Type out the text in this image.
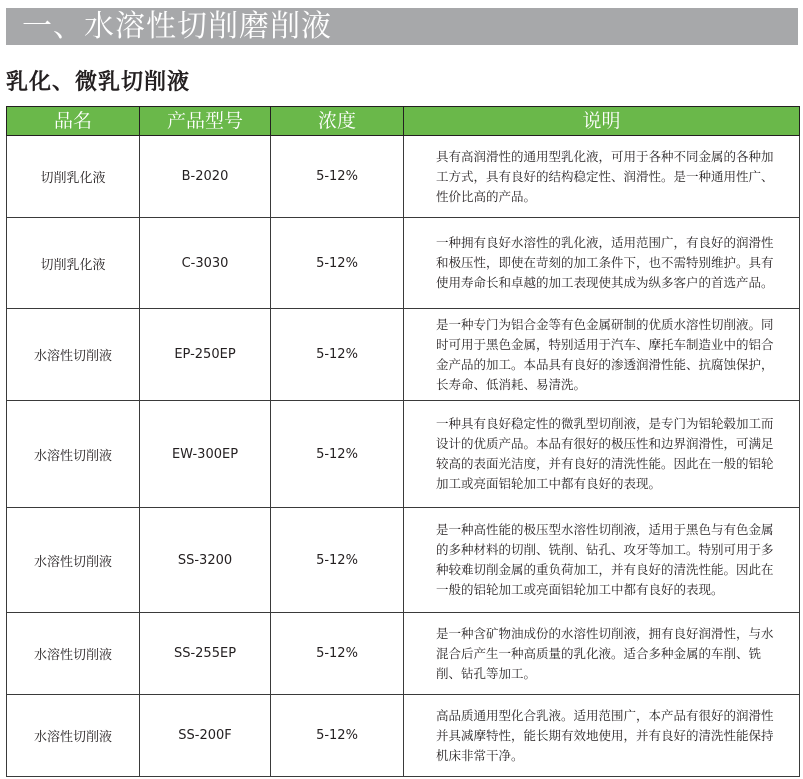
一、水溶性切削磨削液
乳化、微乳切削液
品名	产品型号	浓度	说明
切削乳化液	B-2020	5-12%	具有高润滑性的通用型乳化液，可用于各种不同金属的各种加工方式，具有良好的结构稳定性、润滑性。是一种通用性广、性价比高的产品。
切削乳化液	C-3030	5-12%	一种拥有良好水溶性的乳化液，适用范围广，有良好的润滑性和极压性，即使在苛刻的加工条件下，也不需特别维护。具有使用寿命长和卓越的加工表现使其成为纵多客户的首选产品。
水溶性切削液	EP-250EP	5-12%	是一种专门为铝合金等有色金属研制的优质水溶性切削液。同时可用于黑色金属，特别适用于汽车、摩托车制造业中的铝合金产品的加工。本品具有良好的渗透润滑性能、抗腐蚀保护，长寿命、低消耗、易清洗。
水溶性切削液	EW-300EP	5-12%	一种具有良好稳定性的微乳型切削液，是专门为铝轮毂加工而设计的优质产品。本品有很好的极压性和边界润滑性，可满足较高的表面光洁度，并有良好的清洗性能。因此在一般的铝轮加工或亮面铝轮加工中都有良好的表现。
水溶性切削液	SS-3200	5-12%	是一种高性能的极压型水溶性切削液，适用于黑色与有色金属的多种材料的切削、铣削、钻孔、攻牙等加工。特别可用于多种较难切削金属的重负荷加工，并有良好的清洗性能。因此在一般的铝轮加工或亮面铝轮加工中都有良好的表现。
水溶性切削液	SS-255EP	5-12%	是一种含矿物油成份的水溶性切削液，拥有良好润滑性，与水混合后产生一种高质量的乳化液。适合多种金属的车削、铣削、钻孔等加工。
水溶性切削液	SS-200F	5-12%	高品质通用型化合乳液。适用范围广，本产品有很好的润滑性并具减摩特性，能长期有效地使用，并有良好的清洗性能保持机床非常干净。
